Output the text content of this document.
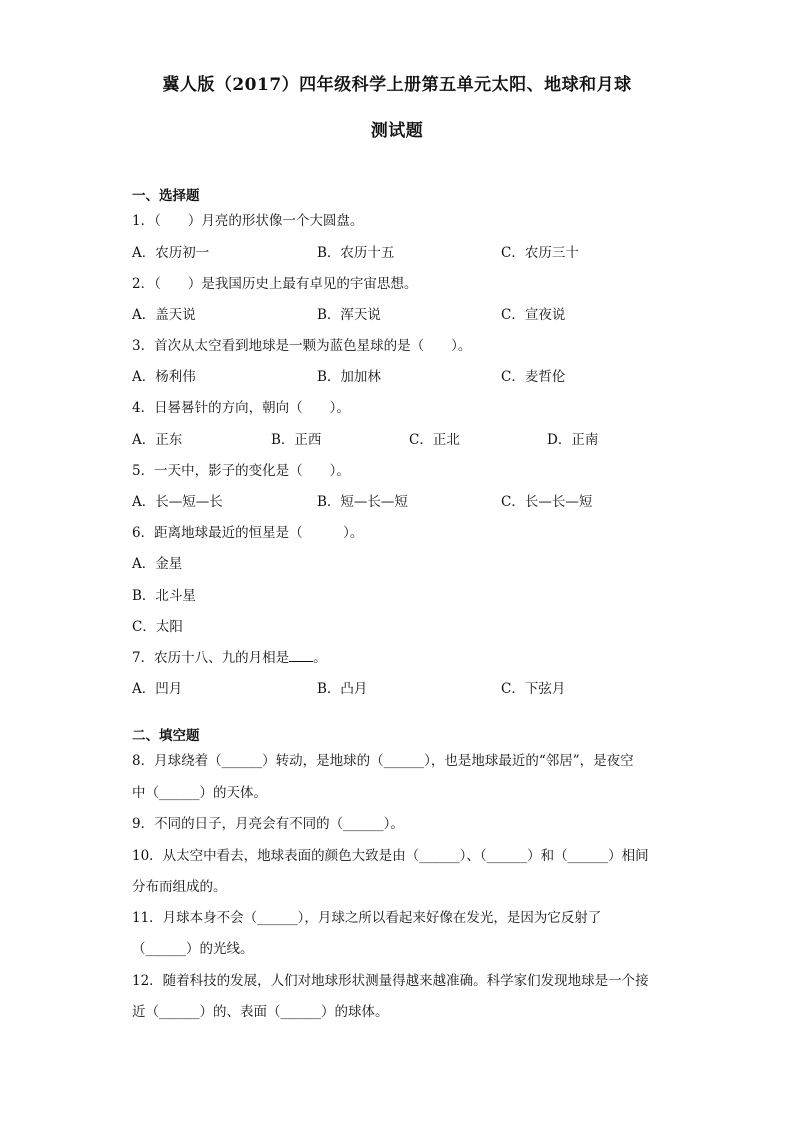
冀人版（2017）四年级科学上册第五单元太阳、地球和月球
测试题
一、选择题
1．（　　）月亮的形状像一个大圆盘。
A．农历初一	B．农历十五	C．农历三十
2．（　　）是我国历史上最有卓见的宇宙思想。
A．盖天说	B．浑天说	C．宣夜说
3．首次从太空看到地球是一颗为蓝色星球的是（　　）。
A．杨利伟	B．加加林	C．麦哲伦
4．日晷晷针的方向，朝向（　　）。
A．正东	B．正西	C．正北	D．正南
5．一天中，影子的变化是（　　）。
A．长—短—长	B．短—长—短	C．长—长—短
6．距离地球最近的恒星是（　　　）。
A．金星
B．北斗星
C．太阳
7．农历十八、九的月相是 。
A．凹月	B．凸月	C．下弦月
二、填空题
8．月球绕着（______）转动，是地球的（______），也是地球最近的“邻居”，是夜空
中（______）的天体。
9．不同的日子，月亮会有不同的（______）。
10．从太空中看去，地球表面的颜色大致是由（______）、（______）和（______）相间
分布而组成的。
11．月球本身不会（______），月球之所以看起来好像在发光，是因为它反射了
（______）的光线。
12．随着科技的发展，人们对地球形状测量得越来越准确。科学家们发现地球是一个接
近（______）的、表面（______）的球体。
